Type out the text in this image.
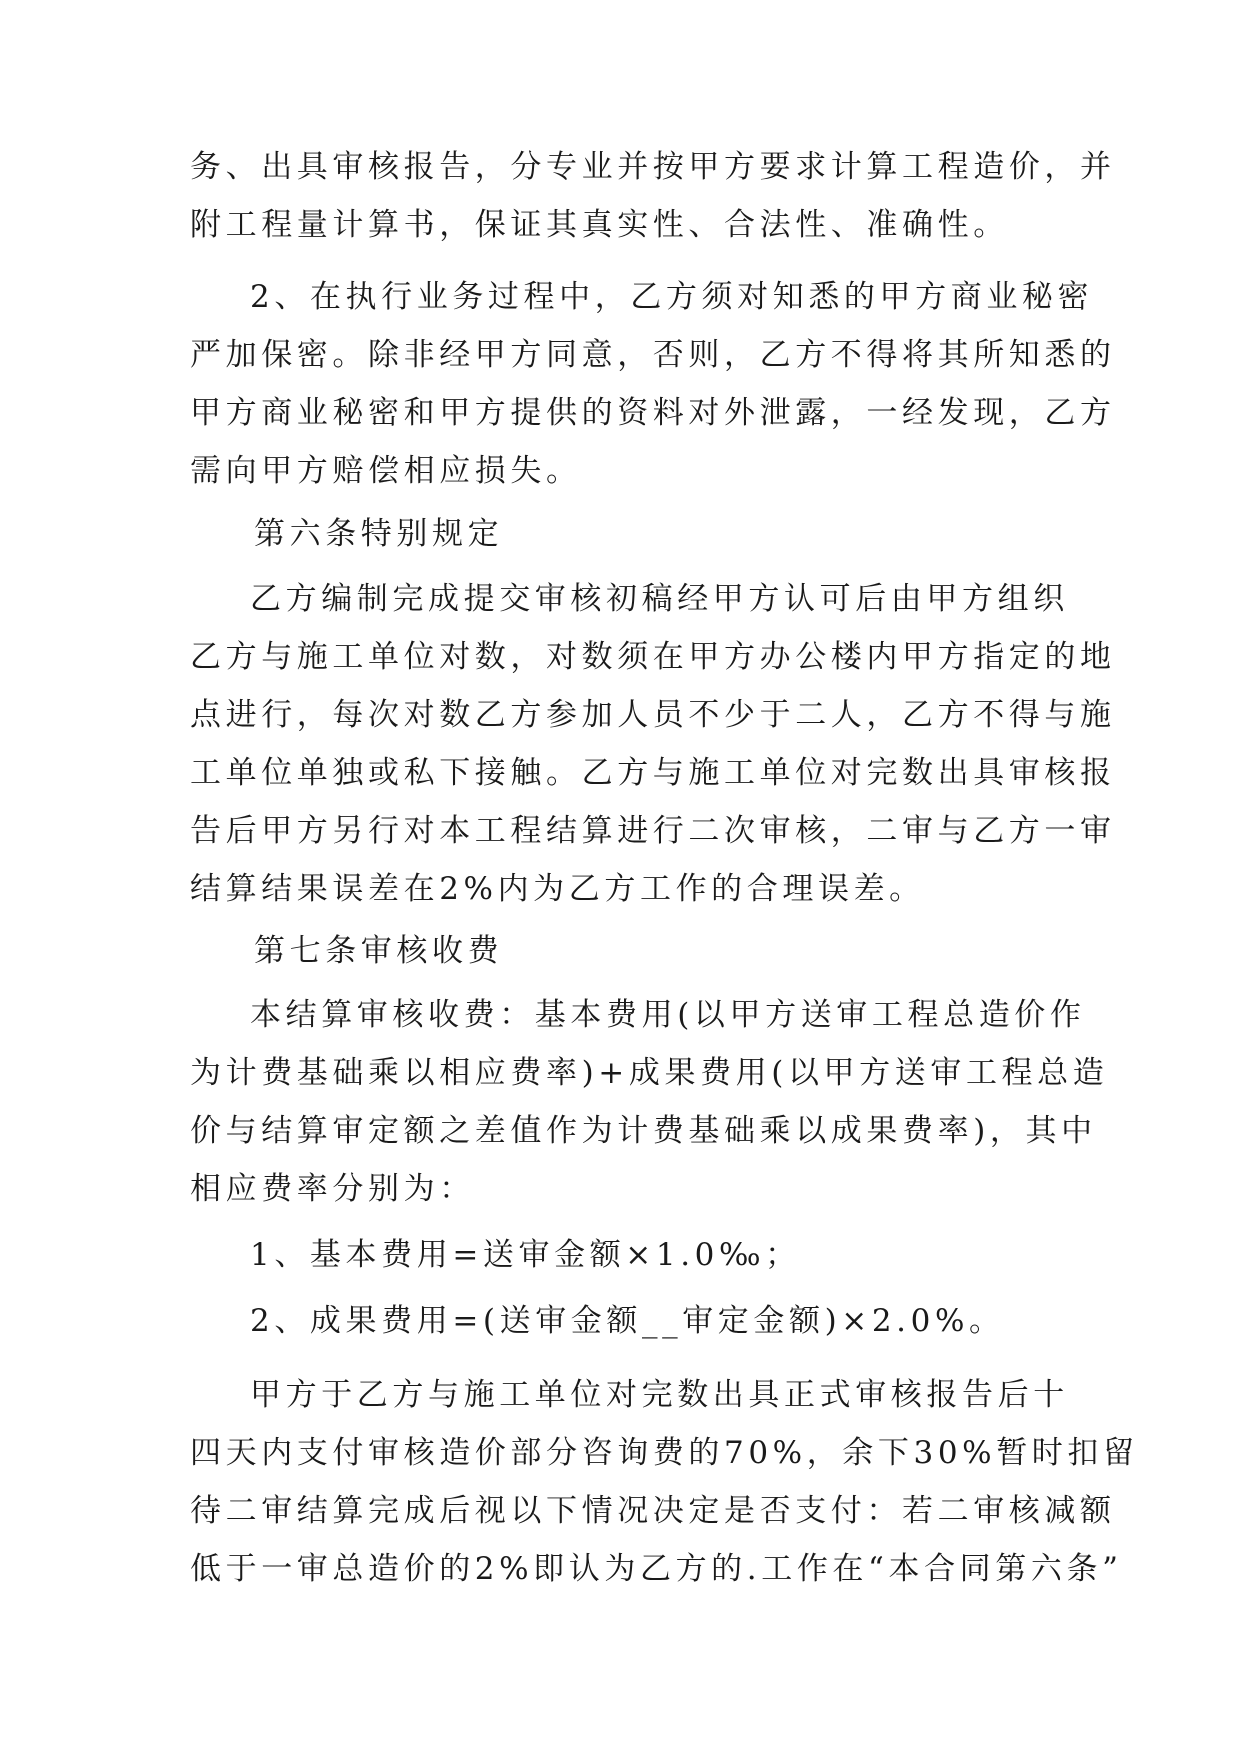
务、出具审核报告，分专业并按甲方要求计算工程造价，并
附工程量计算书，保证其真实性、合法性、准确性。
2、在执行业务过程中，乙方须对知悉的甲方商业秘密
严加保密。除非经甲方同意，否则，乙方不得将其所知悉的
甲方商业秘密和甲方提供的资料对外泄露，一经发现，乙方
需向甲方赔偿相应损失。
第六条特别规定
乙方编制完成提交审核初稿经甲方认可后由甲方组织
乙方与施工单位对数，对数须在甲方办公楼内甲方指定的地
点进行，每次对数乙方参加人员不少于二人，乙方不得与施
工单位单独或私下接触。乙方与施工单位对完数出具审核报
告后甲方另行对本工程结算进行二次审核，二审与乙方一审
结算结果误差在2%内为乙方工作的合理误差。
第七条审核收费
本结算审核收费：基本费用(以甲方送审工程总造价作
为计费基础乘以相应费率)+成果费用(以甲方送审工程总造
价与结算审定额之差值作为计费基础乘以成果费率)，其中
相应费率分别为：
1、基本费用=送审金额×1.0‰；
2、成果费用=(送审金额__审定金额)×2.0%。
甲方于乙方与施工单位对完数出具正式审核报告后十
四天内支付审核造价部分咨询费的70%，余下30%暂时扣留
待二审结算完成后视以下情况决定是否支付：若二审核减额
低于一审总造价的2%即认为乙方的.工作在“本合同第六条”
